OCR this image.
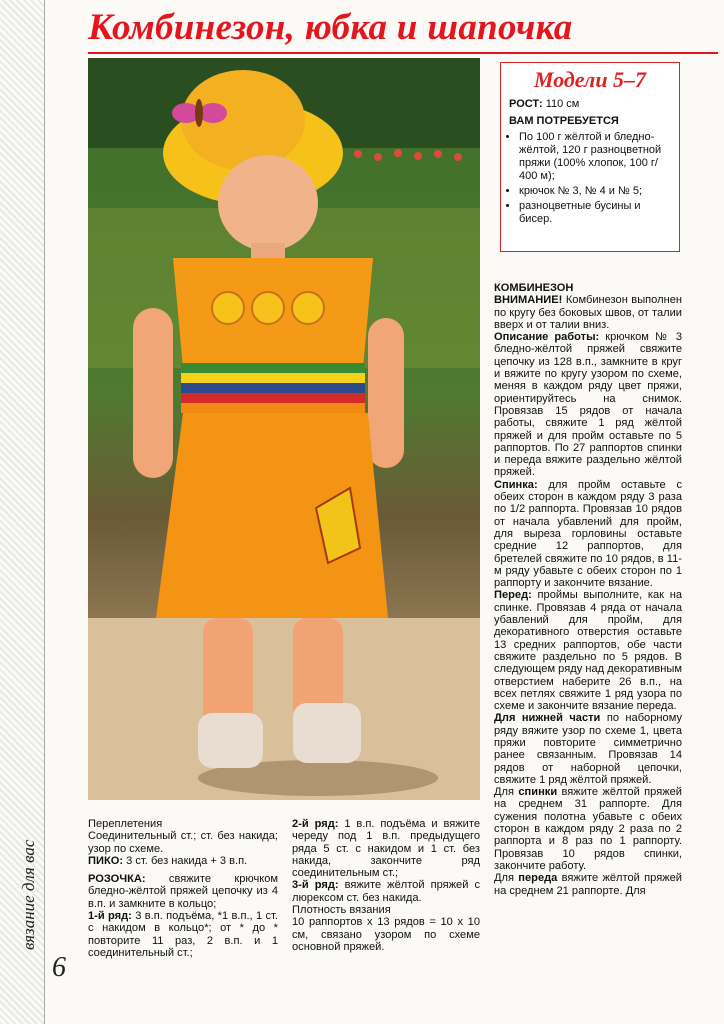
вязание для вас
6
Комбинезон, юбка и шапочка
Модели 5–7
РОСТ: 110 см
ВАМ ПОТРЕБУЕТСЯ
• По 100 г жёлтой и бледно-жёлтой, 120 г разноцветной пряжи (100% хлопок, 100 г/ 400 м);
• крючок № 3, № 4 и № 5;
• разноцветные бусины и бисер.

КОМБИНЕЗОН

ВНИМАНИЕ! Комбинезон выполнен по кругу без боковых швов, от талии вверх и от талии вниз.

Описание работы: крючком № 3 бледно-жёлтой пряжей свяжите цепочку из 128 в.п., замкните в круг и вяжите по кругу узором по схеме, меняя в каждом ряду цвет пряжи, ориентируйтесь на снимок. Провязав 15 рядов от начала работы, свяжите 1 ряд жёлтой пряжей и для пройм оставьте по 5 раппортов. По 27 раппортов спинки и переда вяжите раздельно жёлтой пряжей.

Спинка: для пройм оставьте с обеих сторон в каждом ряду 3 раза по 1/2 раппорта. Провязав 10 рядов от начала убавлений для пройм, для выреза горловины оставьте средние 12 раппортов, для бретелей свяжите по 10 рядов, в 11-м ряду убавьте с обеих сторон по 1 раппорту и закончите вязание.

Перед: проймы выполните, как на спинке. Провязав 4 ряда от начала убавлений для пройм, для декоративного отверстия оставьте 13 средних раппортов, обе части свяжите раздельно по 5 рядов. В следующем ряду над декоративным отверстием наберите 26 в.п., на всех петлях свяжите 1 ряд узора по схеме и закончите вязание переда.

Для нижней части по наборному ряду вяжите узор по схеме 1, цвета пряжи повторите симметрично ранее связанным. Провязав 14 рядов от наборной цепочки, свяжите 1 ряд жёлтой пряжей.

Для спинки вяжите жёлтой пряжей на среднем 31 раппорте. Для сужения полотна убавьте с обеих сторон в каждом ряду 2 раза по 2 раппорта и 8 раз по 1 раппорту. Провязав 10 рядов спинки, закончите работу.

Для переда вяжите жёлтой пряжей на среднем 21 раппорте. Для

Переплетения

Соединительный ст.; ст. без накида; узор по схеме.

ПИКО: 3 ст. без накида + 3 в.п.

РОЗОЧКА: свяжите крючком бледно-жёлтой пряжей цепочку из 4 в.п. и замкните в кольцо;

1-й ряд: 3 в.п. подъёма, *1 в.п., 1 ст. с накидом в кольцо*; от * до * повторите 11 раз, 2 в.п. и 1 соединительный ст.;

2-й ряд: 1 в.п. подъёма и вяжите череду под 1 в.п. предыдущего ряда 5 ст. с накидом и 1 ст. без накида, закончите ряд соединительным ст.;

3-й ряд: вяжите жёлтой пряжей с люрексом ст. без накида.

Плотность вязания

10 раппортов х 13 рядов = 10 х 10 см, связано узором по схеме основной пряжей.
